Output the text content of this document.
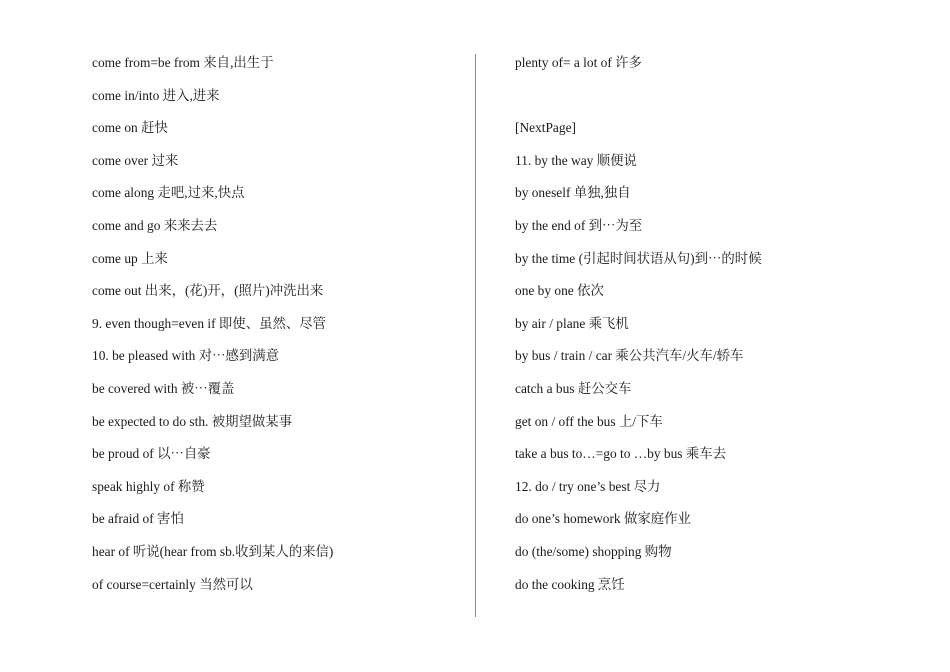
come from=be from 来自,出生于
come in/into 进入,进来
come on 赶快
come over 过来
come along 走吧,过来,快点
come and go 来来去去
come up 上来
come out 出来，(花)开，(照片)冲洗出来
9. even though=even if 即使、虽然、尽管
10. be pleased with 对⋯感到满意
be covered with 被⋯覆盖
be expected to do sth. 被期望做某事
be proud of 以⋯自豪
speak highly of 称赞
be afraid of 害怕
hear of 听说(hear from sb.收到某人的来信)
of course=certainly 当然可以
plenty of= a lot of 许多
[NextPage]
11. by the way 顺便说
by oneself 单独,独自
by the end of 到⋯为至
by the time (引起时间状语从句)到⋯的时候
one by one 依次
by air / plane 乘飞机
by bus / train / car 乘公共汽车/火车/轿车
catch a bus 赶公交车
get on / off the bus 上/下车
take a bus to…=go to …by bus 乘车去
12. do / try one’s best 尽力
do one’s homework 做家庭作业
do (the/some) shopping 购物
do the cooking 烹饪
